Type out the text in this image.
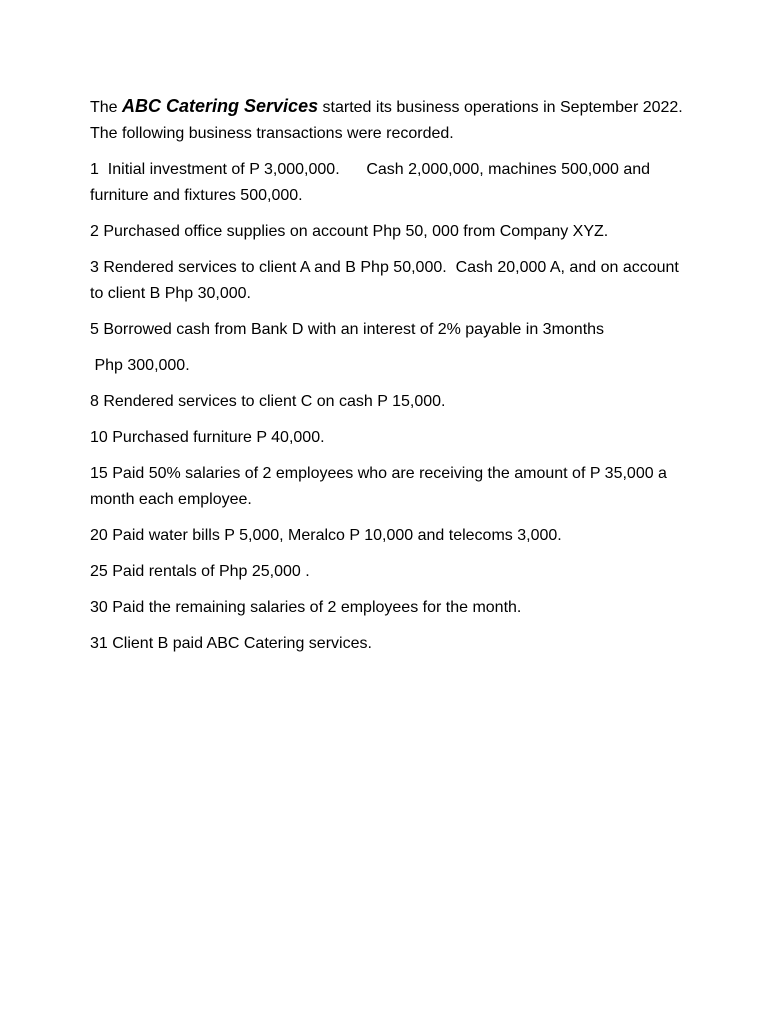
The ABC Catering Services started its business operations in September 2022. The following business transactions were recorded.

1  Initial investment of P 3,000,000.      Cash 2,000,000, machines 500,000 and furniture and fixtures 500,000.

2 Purchased office supplies on account Php 50, 000 from Company XYZ.

3 Rendered services to client A and B Php 50,000.  Cash 20,000 A, and on account to client B Php 30,000.

5 Borrowed cash from Bank D with an interest of 2% payable in 3months

Php 300,000.

8 Rendered services to client C on cash P 15,000.

10 Purchased furniture P 40,000.

15 Paid 50% salaries of 2 employees who are receiving the amount of P 35,000 a month each employee.

20 Paid water bills P 5,000, Meralco P 10,000 and telecoms 3,000.

25 Paid rentals of Php 25,000 .

30 Paid the remaining salaries of 2 employees for the month.

31 Client B paid ABC Catering services.
